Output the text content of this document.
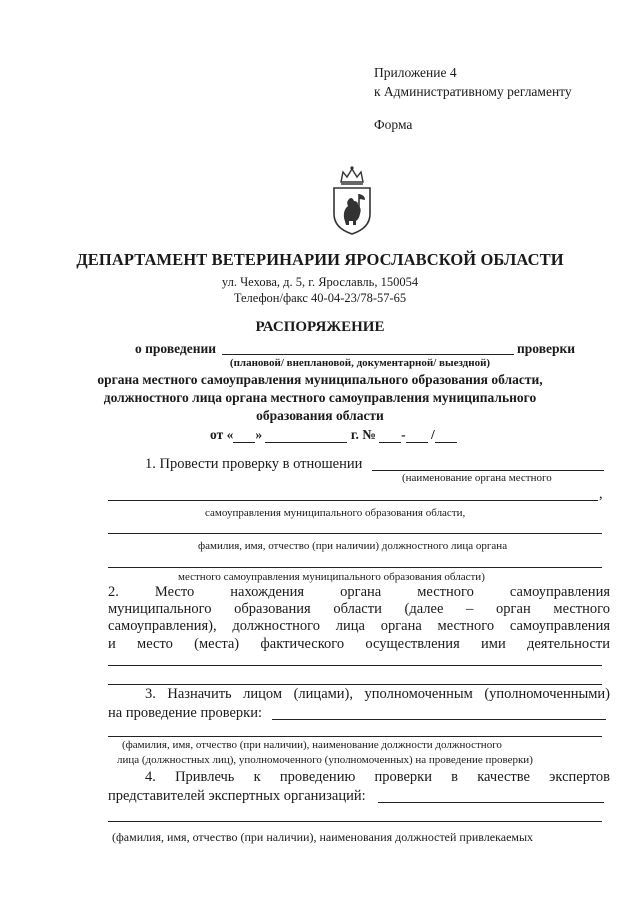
Приложение 4
к Административному регламенту
Форма
ДЕПАРТАМЕНТ ВЕТЕРИНАРИИ ЯРОСЛАВСКОЙ ОБЛАСТИ
ул. Чехова, д. 5, г. Ярославль, 150054
Телефон/факс 40-04-23/78-57-65
РАСПОРЯЖЕНИЕ
о проведении	проверки
(плановой/ внеплановой, документарной/ выездной)
органа местного самоуправления муниципального образования области,
должностного лица органа местного самоуправления муниципального
образования области
от « »	г. № - /
1. Провести проверку в отношении
(наименование органа местного
,
самоуправления муниципального образования области,
фамилия, имя, отчество (при наличии) должностного лица органа
местного самоуправления муниципального образования области)
2. Место нахождения органа местного самоуправления
муниципального образования области (далее – орган местного
самоуправления), должностного лица органа местного самоуправления
и место (места) фактического осуществления ими деятельности
3. Назначить лицом (лицами), уполномоченным (уполномоченными)
на проведение проверки:
(фамилия, имя, отчество (при наличии), наименование должности должностного
лица (должностных лиц), уполномоченного (уполномоченных) на проведение проверки)
4. Привлечь к проведению проверки в качестве экспертов
представителей экспертных организаций:
(фамилия, имя, отчество (при наличии), наименования должностей привлекаемых
